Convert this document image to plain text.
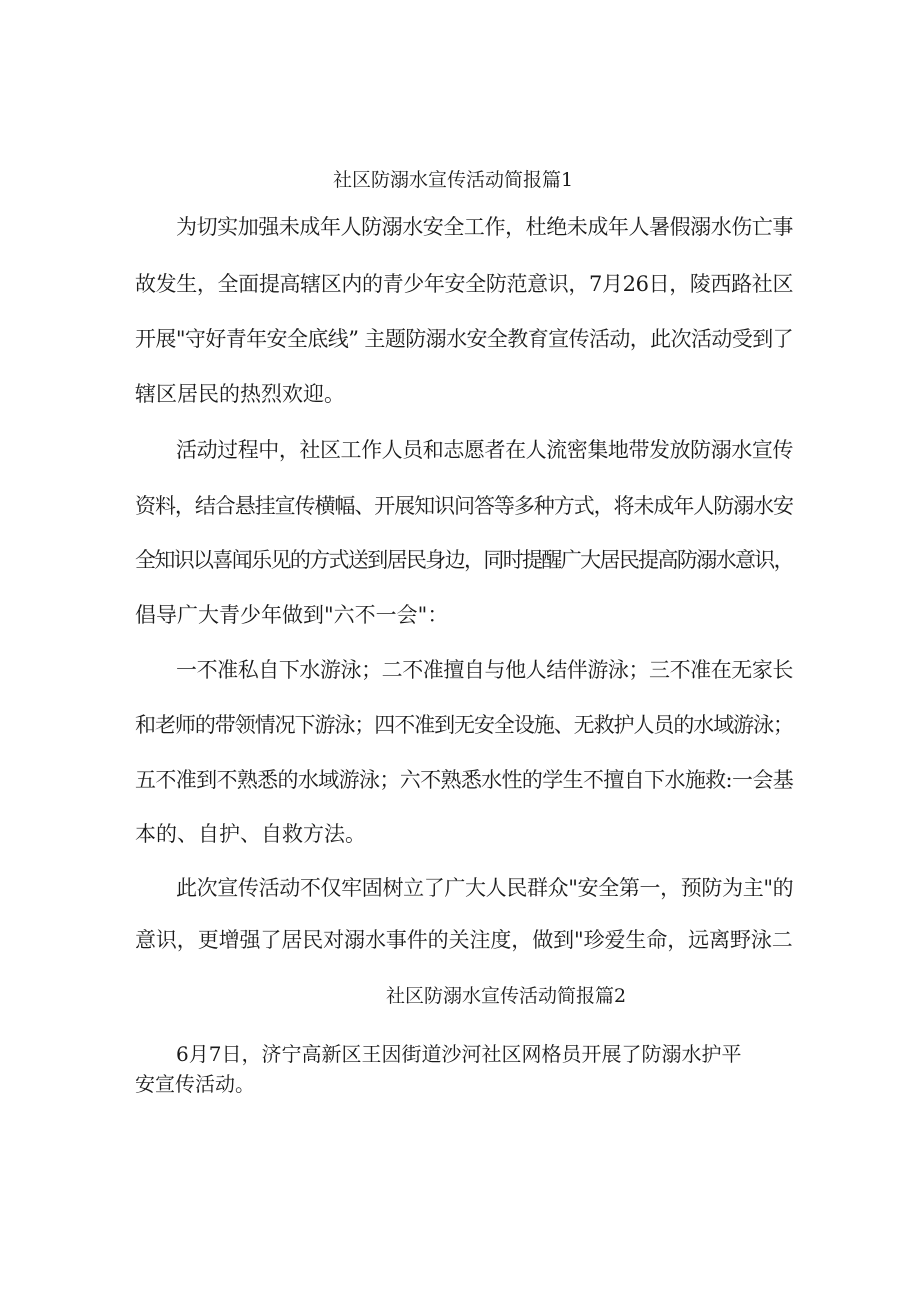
社区防溺水宣传活动简报篇1

为切实加强未成年人防溺水安全工作，杜绝未成年人暑假溺水伤亡事

故发生，全面提高辖区内的青少年安全防范意识，7月26日，陵西路社区

开展"守好青年安全底线” 主题防溺水安全教育宣传活动，此次活动受到了

辖区居民的热烈欢迎。

活动过程中，社区工作人员和志愿者在人流密集地带发放防溺水宣传

资料，结合悬挂宣传横幅、开展知识问答等多种方式，将未成年人防溺水安

全知识以喜闻乐见的方式送到居民身边，同时提醒广大居民提高防溺水意识，

倡导广大青少年做到"六不一会"：

一不准私自下水游泳；二不准擅自与他人结伴游泳；三不准在无家长

和老师的带领情况下游泳；四不准到无安全设施、无救护人员的水域游泳；

五不准到不熟悉的水域游泳；六不熟悉水性的学生不擅自下水施救:一会基

本的、自护、自救方法。

此次宣传活动不仅牢固树立了广大人民群众"安全第一，预防为主"的

意识，更增强了居民对溺水事件的关注度，做到"珍爱生命，远离野泳二

社区防溺水宣传活动简报篇2

6月7日，济宁高新区王因街道沙河社区网格员开展了防溺水护平

安宣传活动。
